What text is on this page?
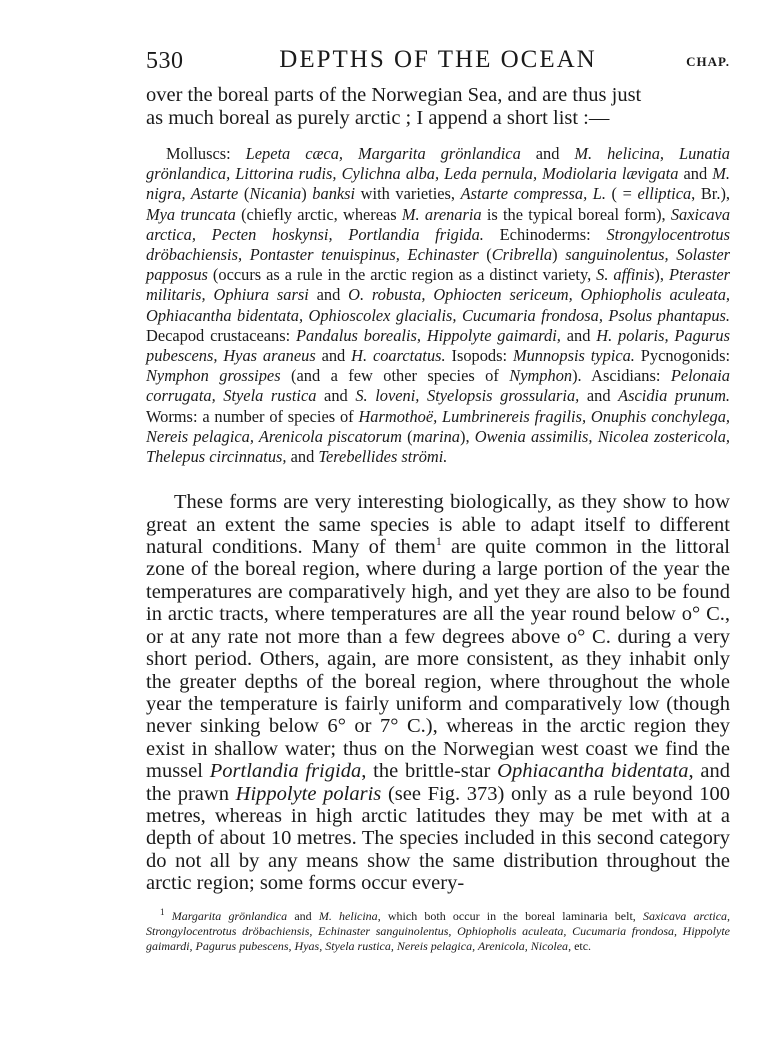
530	DEPTHS OF THE OCEAN	CHAP.

over the boreal parts of the Norwegian Sea, and are thus just
as much boreal as purely arctic ; I append a short list :—

Molluscs: Lepeta cæca, Margarita grönlandica and M. helicina, Lunatia grönlandica, Littorina rudis, Cylichna alba, Leda pernula, Modiolaria lævigata and M. nigra, Astarte (Nicania) banksi with varieties, Astarte compressa, L. ( = elliptica, Br.), Mya truncata (chiefly arctic, whereas M. arenaria is the typical boreal form), Saxicava arctica, Pecten hoskynsi, Portlandia frigida. Echinoderms: Strongylocentrotus dröbachiensis, Pontaster tenuispinus, Echinaster (Cribrella) sanguinolentus, Solaster papposus (occurs as a rule in the arctic region as a distinct variety, S. affinis), Pteraster militaris, Ophiura sarsi and O. robusta, Ophiocten sericeum, Ophiopholis aculeata, Ophiacantha bidentata, Ophioscolex glacialis, Cucumaria frondosa, Psolus phantapus. Decapod crustaceans: Pandalus borealis, Hippolyte gaimardi, and H. polaris, Pagurus pubescens, Hyas araneus and H. coarctatus. Isopods: Munnopsis typica. Pycnogonids: Nymphon grossipes (and a few other species of Nymphon). Ascidians: Pelonaia corrugata, Styela rustica and S. loveni, Styelopsis grossularia, and Ascidia prunum. Worms: a number of species of Harmothoë, Lumbrinereis fragilis, Onuphis conchylega, Nereis pelagica, Arenicola piscatorum (marina), Owenia assimilis, Nicolea zostericola, Thelepus circinnatus, and Terebellides strömi.

These forms are very interesting biologically, as they show to how great an extent the same species is able to adapt itself to different natural conditions. Many of them$^1$ are quite common in the littoral zone of the boreal region, where during a large portion of the year the temperatures are comparatively high, and yet they are also to be found in arctic tracts, where temperatures are all the year round below o° C., or at any rate not more than a few degrees above o° C. during a very short period. Others, again, are more consistent, as they inhabit only the greater depths of the boreal region, where throughout the whole year the temperature is fairly uniform and comparatively low (though never sinking below 6° or 7° C.), whereas in the arctic region they exist in shallow water; thus on the Norwegian west coast we find the mussel Portlandia frigida, the brittle-star Ophiacantha bidentata, and the prawn Hippolyte polaris (see Fig. 373) only as a rule beyond 100 metres, whereas in high arctic latitudes they may be met with at a depth of about 10 metres. The species included in this second category do not all by any means show the same distribution throughout the arctic region; some forms occur every-

$^1$ Margarita grönlandica and M. helicina, which both occur in the boreal laminaria belt, Saxicava arctica, Strongylocentrotus dröbachiensis, Echinaster sanguinolentus, Ophiopholis aculeata, Cucumaria frondosa, Hippolyte gaimardi, Pagurus pubescens, Hyas, Styela rustica, Nereis pelagica, Arenicola, Nicolea, etc.
